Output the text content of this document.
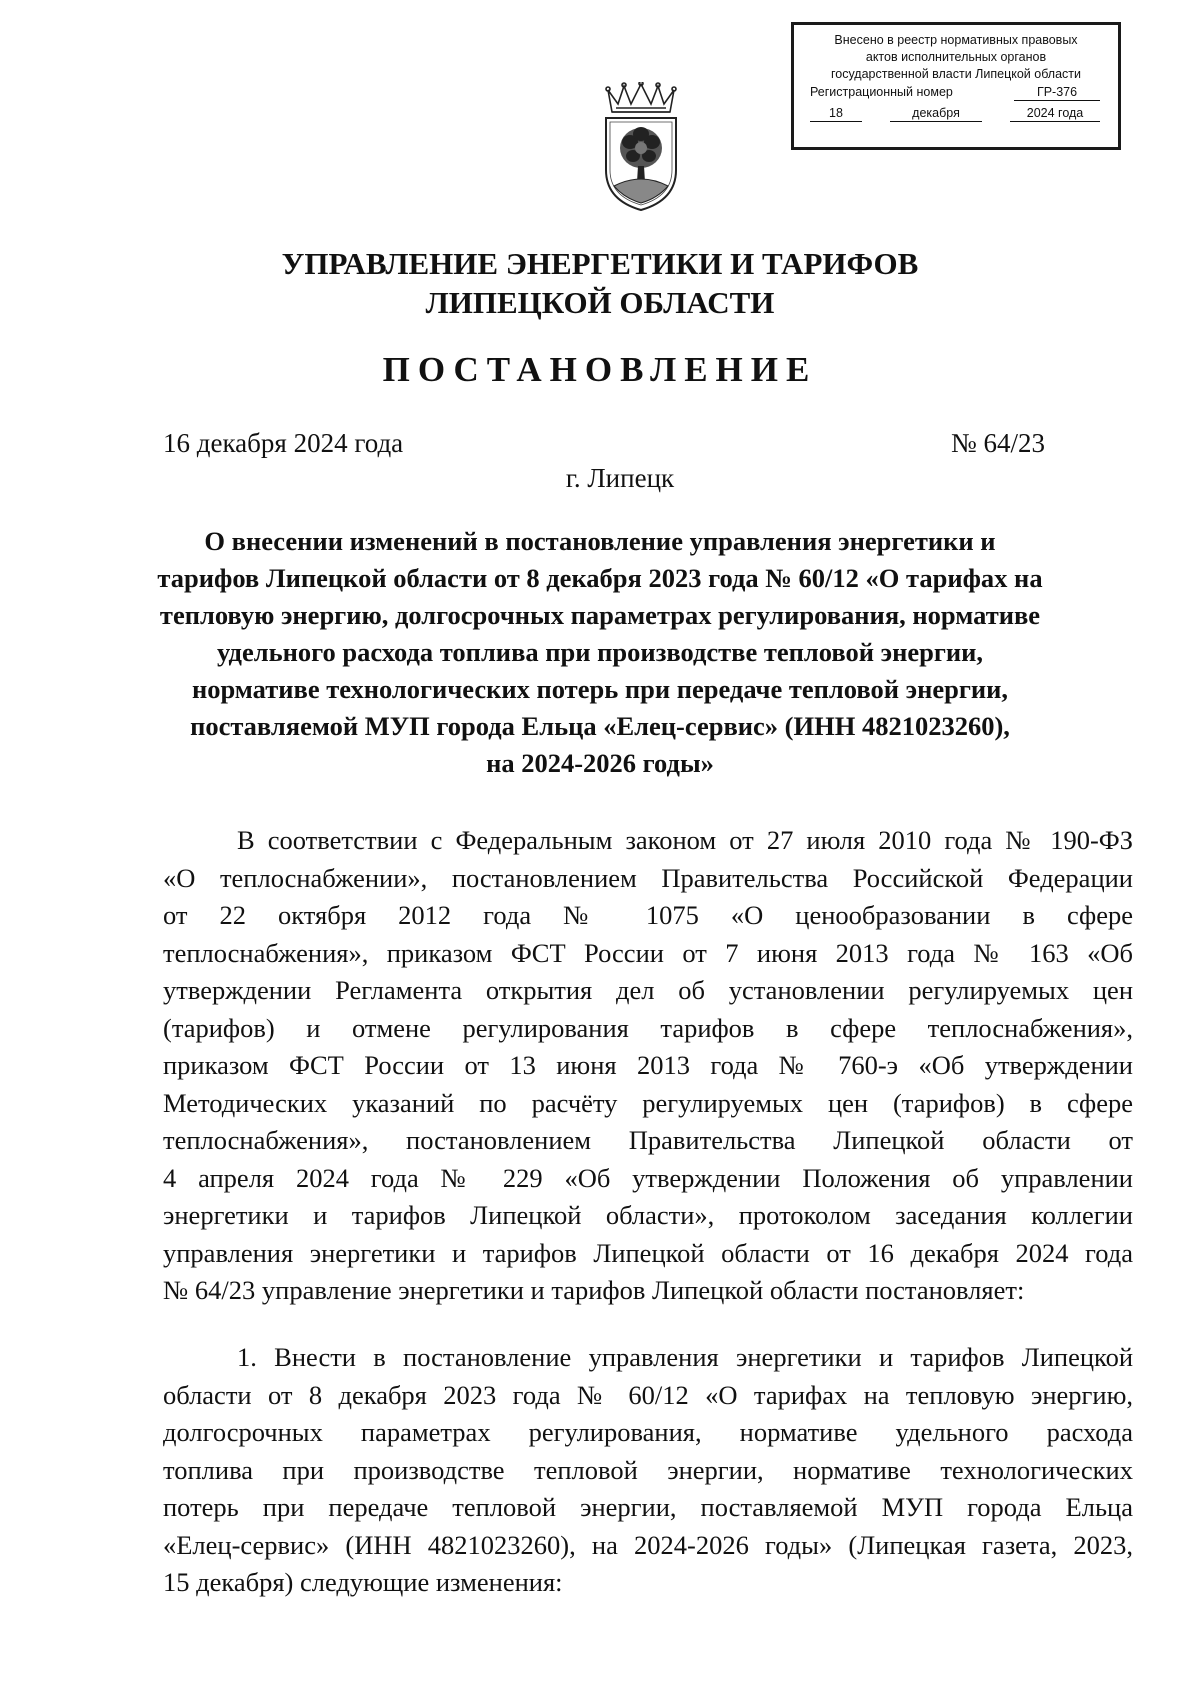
Внесено в реестр нормативных правовых
актов исполнительных органов
государственной власти Липецкой области
Регистрационный номер	ГР-376
18	декабря	2024 года
УПРАВЛЕНИЕ ЭНЕРГЕТИКИ И ТАРИФОВ
ЛИПЕЦКОЙ ОБЛАСТИ
ПОСТАНОВЛЕНИЕ
16 декабря 2024 года	№ 64/23
г. Липецк
О внесении изменений в постановление управления энергетики и
тарифов Липецкой области от 8 декабря 2023 года № 60/12 «О тарифах на
тепловую энергию, долгосрочных параметрах регулирования, нормативе
удельного расхода топлива при производстве тепловой энергии,
нормативе технологических потерь при передаче тепловой энергии,
поставляемой МУП города Ельца «Елец-сервис» (ИНН 4821023260),
на 2024-2026 годы»
В соответствии с Федеральным законом от 27 июля 2010 года № 190-ФЗ
«О теплоснабжении», постановлением Правительства Российской Федерации
от 22 октября 2012 года № 1075 «О ценообразовании в сфере
теплоснабжения», приказом ФСТ России от 7 июня 2013 года № 163 «Об
утверждении Регламента открытия дел об установлении регулируемых цен
(тарифов) и отмене регулирования тарифов в сфере теплоснабжения»,
приказом ФСТ России от 13 июня 2013 года № 760-э «Об утверждении
Методических указаний по расчёту регулируемых цен (тарифов) в сфере
теплоснабжения», постановлением Правительства Липецкой области от
4 апреля 2024 года № 229 «Об утверждении Положения об управлении
энергетики и тарифов Липецкой области», протоколом заседания коллегии
управления энергетики и тарифов Липецкой области от 16 декабря 2024 года
№ 64/23 управление энергетики и тарифов Липецкой области постановляет:
1. Внести в постановление управления энергетики и тарифов Липецкой
области от 8 декабря 2023 года № 60/12 «О тарифах на тепловую энергию,
долгосрочных параметрах регулирования, нормативе удельного расхода
топлива при производстве тепловой энергии, нормативе технологических
потерь при передаче тепловой энергии, поставляемой МУП города Ельца
«Елец-сервис» (ИНН 4821023260), на 2024-2026 годы» (Липецкая газета, 2023,
15 декабря) следующие изменения:
